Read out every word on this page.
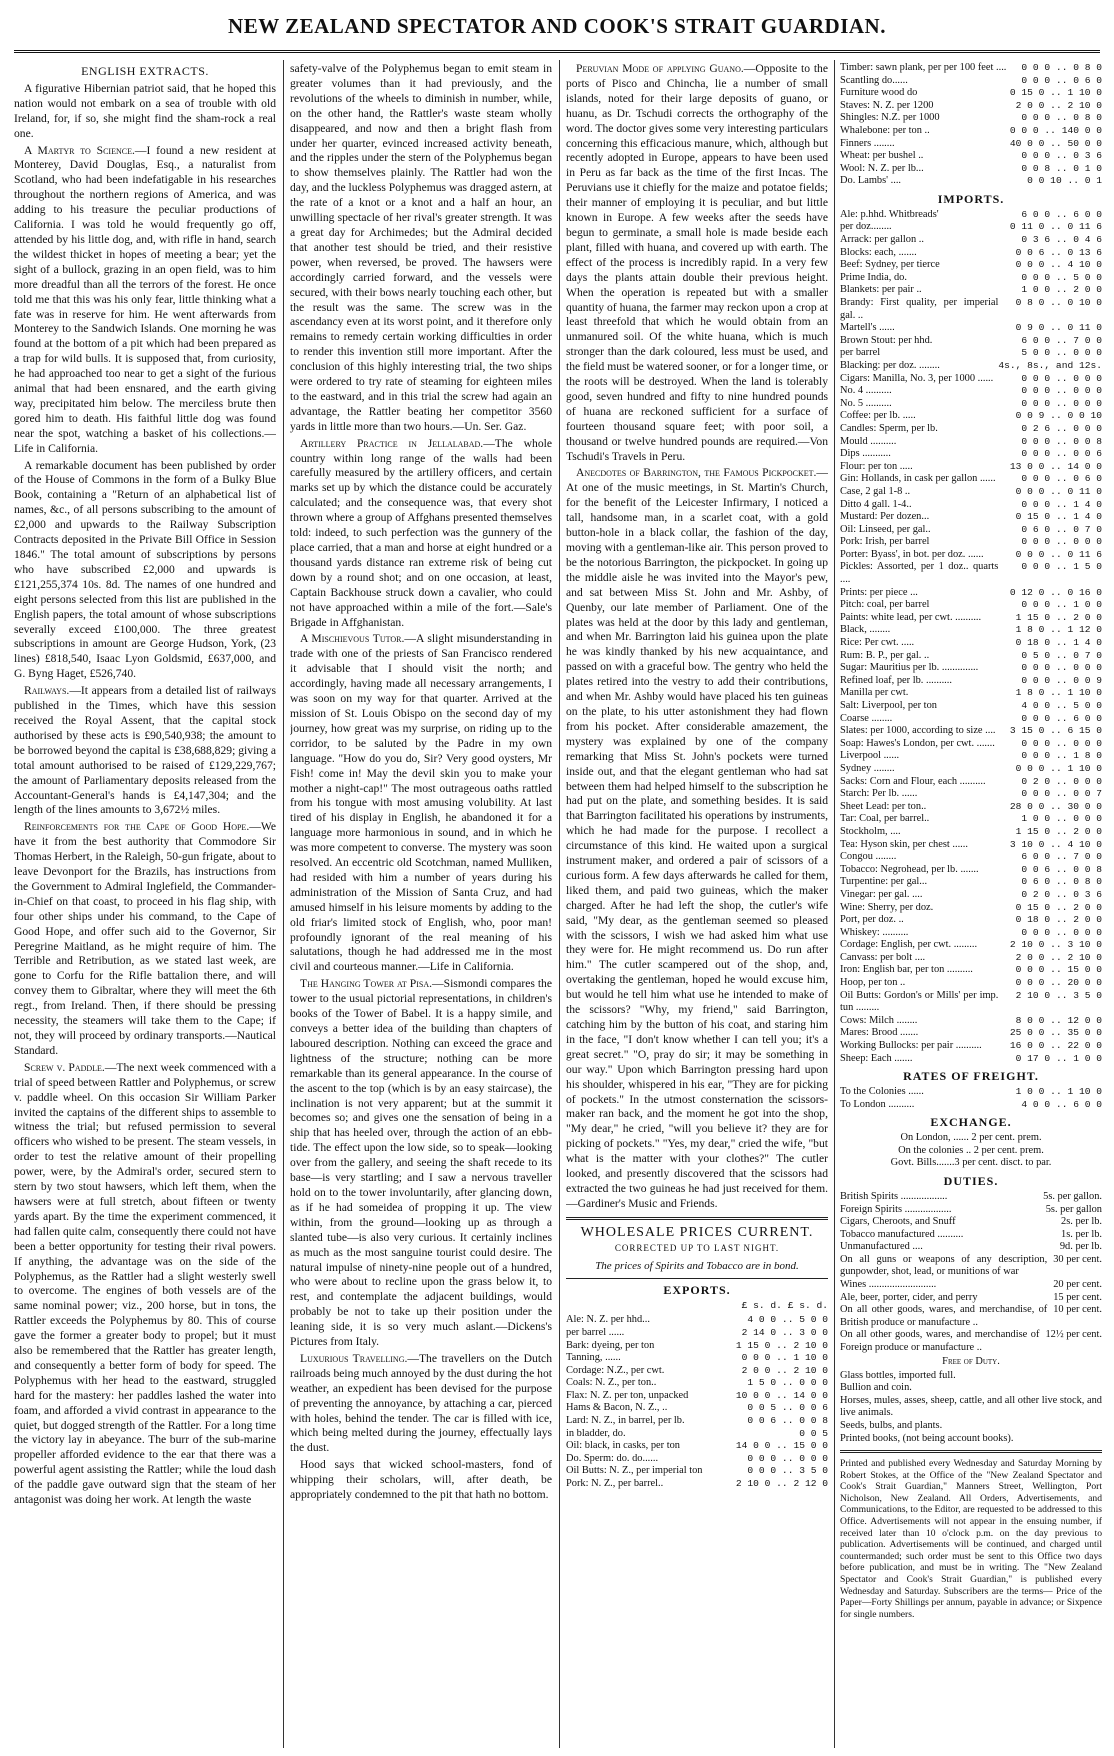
NEW ZEALAND SPECTATOR AND COOK'S STRAIT GUARDIAN.
ENGLISH EXTRACTS.

A figurative Hibernian patriot said, that he hoped this nation would not embark on a sea of trouble with old Ireland, for, if so, she might find the sham-rock a real one.

A Martyr to Science.—I found a new resident at Monterey, David Douglas, Esq., a naturalist from Scotland, who had been indefatigable in his researches throughout the northern regions of America, and was adding to his treasure the peculiar productions of California. I was told he would frequently go off, attended by his little dog, and, with rifle in hand, search the wildest thicket in hopes of meeting a bear; yet the sight of a bullock, grazing in an open field, was to him more dreadful than all the terrors of the forest. He once told me that this was his only fear, little thinking what a fate was in reserve for him. He went afterwards from Monterey to the Sandwich Islands. One morning he was found at the bottom of a pit which had been prepared as a trap for wild bulls. It is supposed that, from curiosity, he had approached too near to get a sight of the furious animal that had been ensnared, and the earth giving way, precipitated him below. The merciless brute then gored him to death. His faithful little dog was found near the spot, watching a basket of his collections.—Life in California.

A remarkable document has been published by order of the House of Commons in the form of a Bulky Blue Book, containing a "Return of an alphabetical list of names, &c., of all persons subscribing to the amount of £2,000 and upwards to the Railway Subscription Contracts deposited in the Private Bill Office in Session 1846." The total amount of subscriptions by persons who have subscribed £2,000 and upwards is £121,255,374 10s. 8d. The names of one hundred and eight persons selected from this list are published in the English papers, the total amount of whose subscriptions severally exceed £100,000. The three greatest subscriptions in amount are George Hudson, York, (23 lines) £818,540, Isaac Lyon Goldsmid, £637,000, and G. Byng Haget, £526,740.

Railways.—It appears from a detailed list of railways published in the Times, which have this session received the Royal Assent, that the capital stock authorised by these acts is £90,540,938; the amount to be borrowed beyond the capital is £38,688,829; giving a total amount authorised to be raised of £129,229,767; the amount of Parliamentary deposits released from the Accountant-General's hands is £4,147,304; and the length of the lines amounts to 3,672½ miles.

Reinforcements for the Cape of Good Hope.—We have it from the best authority that Commodore Sir Thomas Herbert, in the Raleigh, 50-gun frigate, about to leave Devonport for the Brazils, has instructions from the Government to Admiral Inglefield, the Commander-in-Chief on that coast, to proceed in his flag ship, with four other ships under his command, to the Cape of Good Hope, and offer such aid to the Governor, Sir Peregrine Maitland, as he might require of him. The Terrible and Retribution, as we stated last week, are gone to Corfu for the Rifle battalion there, and will convey them to Gibraltar, where they will meet the 6th regt., from Ireland. Then, if there should be pressing necessity, the steamers will take them to the Cape; if not, they will proceed by ordinary transports.—Nautical Standard.

Screw v. Paddle.—The next week commenced with a trial of speed between Rattler and Polyphemus, or screw v. paddle wheel. On this occasion Sir William Parker invited the captains of the different ships to assemble to witness the trial; but refused permission to several officers who wished to be present. The steam vessels, in order to test the relative amount of their propelling power, were, by the Admiral's order, secured stern to stern by two stout hawsers, which left them, when the hawsers were at full stretch, about fifteen or twenty yards apart. By the time the experiment commenced, it had fallen quite calm, consequently there could not have been a better opportunity for testing their rival powers. If anything, the advantage was on the side of the Polyphemus, as the Rattler had a slight westerly swell to overcome. The engines of both vessels are of the same nominal power; viz., 200 horse, but in tons, the Rattler exceeds the Polyphemus by 80. This of course gave the former a greater body to propel; but it must also be remembered that the Rattler has greater length, and consequently a better form of body for speed. The Polyphemus with her head to the eastward, struggled hard for the mastery: her paddles lashed the water into foam, and afforded a vivid contrast in appearance to the quiet, but dogged strength of the Rattler. For a long time the victory lay in abeyance. The burr of the sub-marine propeller afforded evidence to the ear that there was a powerful agent assisting the Rattler; while the loud dash of the paddle gave outward sign that the steam of her antagonist was doing her work. At length the waste

safety-valve of the Polyphemus began to emit steam in greater volumes than it had previously, and the revolutions of the wheels to diminish in number, while, on the other hand, the Rattler's waste steam wholly disappeared, and now and then a bright flash from under her quarter, evinced increased activity beneath, and the ripples under the stern of the Polyphemus began to show themselves plainly. The Rattler had won the day, and the luckless Polyphemus was dragged astern, at the rate of a knot or a knot and a half an hour, an unwilling spectacle of her rival's greater strength. It was a great day for Archimedes; but the Admiral decided that another test should be tried, and their resistive power, when reversed, be proved. The hawsers were accordingly carried forward, and the vessels were secured, with their bows nearly touching each other, but the result was the same. The screw was in the ascendancy even at its worst point, and it therefore only remains to remedy certain working difficulties in order to render this invention still more important. After the conclusion of this highly interesting trial, the two ships were ordered to try rate of steaming for eighteen miles to the eastward, and in this trial the screw had again an advantage, the Rattler beating her competitor 3560 yards in little more than two hours.—Un. Ser. Gaz.

Artillery Practice in Jellalabad.—The whole country within long range of the walls had been carefully measured by the artillery officers, and certain marks set up by which the distance could be accurately calculated; and the consequence was, that every shot thrown where a group of Affghans presented themselves told: indeed, to such perfection was the gunnery of the place carried, that a man and horse at eight hundred or a thousand yards distance ran extreme risk of being cut down by a round shot; and on one occasion, at least, Captain Backhouse struck down a cavalier, who could not have approached within a mile of the fort.—Sale's Brigade in Affghanistan.

A Mischievous Tutor.—A slight misunderstanding in trade with one of the priests of San Francisco rendered it advisable that I should visit the north; and accordingly, having made all necessary arrangements, I was soon on my way for that quarter. Arrived at the mission of St. Louis Obispo on the second day of my journey, how great was my surprise, on riding up to the corridor, to be saluted by the Padre in my own language. "How do you do, Sir? Very good oysters, Mr Fish! come in! May the devil skin you to make your mother a night-cap!" The most outrageous oaths rattled from his tongue with most amusing volubility. At last tired of his display in English, he abandoned it for a language more harmonious in sound, and in which he was more competent to converse. The mystery was soon resolved. An eccentric old Scotchman, named Mulliken, had resided with him a number of years during his administration of the Mission of Santa Cruz, and had amused himself in his leisure moments by adding to the old friar's limited stock of English, who, poor man! profoundly ignorant of the real meaning of his salutations, though he had addressed me in the most civil and courteous manner.—Life in California.

The Hanging Tower at Pisa.—Sismondi compares the tower to the usual pictorial representations, in children's books of the Tower of Babel. It is a happy simile, and conveys a better idea of the building than chapters of laboured description. Nothing can exceed the grace and lightness of the structure; nothing can be more remarkable than its general appearance. In the course of the ascent to the top (which is by an easy staircase), the inclination is not very apparent; but at the summit it becomes so; and gives one the sensation of being in a ship that has heeled over, through the action of an ebb-tide. The effect upon the low side, so to speak—looking over from the gallery, and seeing the shaft recede to its base—is very startling; and I saw a nervous traveller hold on to the tower involuntarily, after glancing down, as if he had someidea of propping it up. The view within, from the ground—looking up as through a slanted tube—is also very curious. It certainly inclines as much as the most sanguine tourist could desire. The natural impulse of ninety-nine people out of a hundred, who were about to recline upon the grass below it, to rest, and contemplate the adjacent buildings, would probably be not to take up their position under the leaning side, it is so very much aslant.—Dickens's Pictures from Italy.

Luxurious Travelling.—The travellers on the Dutch railroads being much annoyed by the dust during the hot weather, an expedient has been devised for the purpose of preventing the annoyance, by attaching a car, pierced with holes, behind the tender. The car is filled with ice, which being melted during the journey, effectually lays the dust.

Hood says that wicked school-masters, fond of whipping their scholars, will, after death, be appropriately condemned to the pit that hath no bottom.

Peruvian Mode of applying Guano.—Opposite to the ports of Pisco and Chincha, lie a number of small islands, noted for their large deposits of guano, or huanu, as Dr. Tschudi corrects the orthography of the word. The doctor gives some very interesting particulars concerning this efficacious manure, which, although but recently adopted in Europe, appears to have been used in Peru as far back as the time of the first Incas. The Peruvians use it chiefly for the maize and potatoe fields; their manner of employing it is peculiar, and but little known in Europe. A few weeks after the seeds have begun to germinate, a small hole is made beside each plant, filled with huana, and covered up with earth. The effect of the process is incredibly rapid. In a very few days the plants attain double their previous height. When the operation is repeated but with a smaller quantity of huana, the farmer may reckon upon a crop at least threefold that which he would obtain from an unmanured soil. Of the white huana, which is much stronger than the dark coloured, less must be used, and the field must be watered sooner, or for a longer time, or the roots will be destroyed. When the land is tolerably good, seven hundred and fifty to nine hundred pounds of huana are reckoned sufficient for a surface of fourteen thousand square feet; with poor soil, a thousand or twelve hundred pounds are required.—Von Tschudi's Travels in Peru.

Anecdotes of Barrington, the Famous Pickpocket.—At one of the music meetings, in St. Martin's Church, for the benefit of the Leicester Infirmary, I noticed a tall, handsome man, in a scarlet coat, with a gold button-hole in a black collar, the fashion of the day, moving with a gentleman-like air. This person proved to be the notorious Barrington, the pickpocket. In going up the middle aisle he was invited into the Mayor's pew, and sat between Miss St. John and Mr. Ashby, of Quenby, our late member of Parliament. One of the plates was held at the door by this lady and gentleman, and when Mr. Barrington laid his guinea upon the plate he was kindly thanked by his new acquaintance, and passed on with a graceful bow. The gentry who held the plates retired into the vestry to add their contributions, and when Mr. Ashby would have placed his ten guineas on the plate, to his utter astonishment they had flown from his pocket. After considerable amazement, the mystery was explained by one of the company remarking that Miss St. John's pockets were turned inside out, and that the elegant gentleman who had sat between them had helped himself to the subscription he had put on the plate, and something besides. It is said that Barrington facilitated his operations by instruments, which he had made for the purpose. I recollect a circumstance of this kind. He waited upon a surgical instrument maker, and ordered a pair of scissors of a curious form. A few days afterwards he called for them, liked them, and paid two guineas, which the maker charged. After he had left the shop, the cutler's wife said, "My dear, as the gentleman seemed so pleased with the scissors, I wish we had asked him what use they were for. He might recommend us. Do run after him." The cutler scampered out of the shop, and, overtaking the gentleman, hoped he would excuse him, but would he tell him what use he intended to make of the scissors? "Why, my friend," said Barrington, catching him by the button of his coat, and staring him in the face, "I don't know whether I can tell you; it's a great secret." "O, pray do sir; it may be something in our way." Upon which Barrington pressing hard upon his shoulder, whispered in his ear, "They are for picking of pockets." In the utmost consternation the scissors-maker ran back, and the moment he got into the shop, "My dear," he cried, "will you believe it? they are for picking of pockets." "Yes, my dear," cried the wife, "but what is the matter with your clothes?" The cutler looked, and presently discovered that the scissors had extracted the two guineas he had just received for them.—Gardiner's Music and Friends.

WHOLESALE PRICES CURRENT.
CORRECTED UP TO LAST NIGHT.
The prices of Spirits and Tobacco are in bond.
EXPORTS.
£ s. d. £ s. d.
Ale: N. Z. per hhd...	4 0 0 .. 5 0 0
per barrel ......	2 14 0 .. 3 0 0
Bark: dyeing, per ton	1 15 0 .. 2 10 0
Tanning, ......	0 0 0 .. 1 10 0
Cordage: N.Z., per cwt.	2 0 0 .. 2 10 0
Coals: N. Z., per ton..	1 5 0 .. 0 0 0
Flax: N. Z. per ton, unpacked	10 0 0 .. 14 0 0
Hams & Bacon, N. Z., ..	0 0 5 .. 0 0 6
Lard: N. Z., in barrel, per lb.	0 0 6 .. 0 0 8
in bladder, do.	0 0 5
Oil: black, in casks, per ton	14 0 0 .. 15 0 0
Do. Sperm: do. do......	0 0 0 .. 0 0 0
Oil Butts: N. Z., per imperial ton	0 0 0 .. 3 5 0
Pork: N. Z., per barrel..	2 10 0 .. 2 12 0
Timber: sawn plank, per per 100 feet ....	0 0 0 .. 0 8 0
Scantling do......	0 0 0 .. 0 6 0
Furniture wood do	0 15 0 .. 1 10 0
Staves: N. Z. per 1200	2 0 0 .. 2 10 0
Shingles: N.Z. per 1000	0 0 0 .. 0 8 0
Whalebone: per ton ..	0 0 0 .. 140 0 0
Finners ........	40 0 0 .. 50 0 0
Wheat: per bushel ..	0 0 0 .. 0 3 6
Wool: N. Z. per lb...	0 0 8 .. 0 1 0
Do. Lambs' ....	0 0 10 .. 0 1
IMPORTS.
Ale: p.hhd. Whitbreads'	6 0 0 .. 6 0 0
per doz........	0 11 0 .. 0 11 6
Arrack: per gallon ..	0 3 6 .. 0 4 6
Blocks: each, .......	0 0 6 .. 0 13 6
Beef: Sydney, per tierce	0 0 0 .. 4 10 0
Prime India, do.	0 0 0 .. 5 0 0
Blankets: per pair ..	1 0 0 .. 2 0 0
Brandy: First quality, per imperial gal. ..	0 8 0 .. 0 10 0
Martell's ......	0 9 0 .. 0 11 0
Brown Stout: per hhd.	6 0 0 .. 7 0 0
per barrel	5 0 0 .. 0 0 0
Blacking: per doz. ........	4s., 8s., and 12s.
Cigars: Manilla, No. 3, per 1000 ......	0 0 0 .. 0 0 0
No. 4 ..........	0 0 0 .. 0 0 0
No. 5 ..........	0 0 0 .. 0 0 0
Coffee: per lb. .....	0 0 9 .. 0 0 10
Candles: Sperm, per lb.	0 2 6 .. 0 0 0
Mould ..........	0 0 0 .. 0 0 8
Dips ...........	0 0 0 .. 0 0 6
Flour: per ton .....	13 0 0 .. 14 0 0
Gin: Hollands, in cask per gallon ......	0 0 0 .. 0 6 0
Case, 2 gal 1-8 ..	0 0 0 .. 0 11 0
Ditto 4 gall. 1-4..	0 0 0 .. 1 4 0
Mustard: Per dozen...	0 15 0 .. 1 4 0
Oil: Linseed, per gal..	0 6 0 .. 0 7 0
Pork: Irish, per barrel	0 0 0 .. 0 0 0
Porter: Byass', in bot. per doz. ......	0 0 0 .. 0 11 6
Pickles: Assorted, per 1 doz.. quarts ....	0 0 0 .. 1 5 0
Prints: per piece ...	0 12 0 .. 0 16 0
Pitch: coal, per barrel	0 0 0 .. 1 0 0
Paints: white lead, per cwt. ..........	1 15 0 .. 2 0 0
Black, ........	1 8 0 .. 1 12 0
Rice: Per cwt. .....	0 18 0 .. 1 4 0
Rum: B. P., per gal. ..	0 5 0 .. 0 7 0
Sugar: Mauritius per lb. ..............	0 0 0 .. 0 0 0
Refined loaf, per lb. ..........	0 0 0 .. 0 0 9
Manilla per cwt.	1 8 0 .. 1 10 0
Salt: Liverpool, per ton	4 0 0 .. 5 0 0
Coarse ........	0 0 0 .. 6 0 0
Slates: per 1000, according to size ....	3 15 0 .. 6 15 0
Soap: Hawes's London, per cwt. .......	0 0 0 .. 0 0 0
Liverpool ......	0 0 0 .. 1 8 0
Sydney ........	0 0 0 .. 1 10 0
Sacks: Corn and Flour, each ..........	0 2 0 .. 0 0 0
Starch: Per lb. ......	0 0 0 .. 0 0 7
Sheet Lead: per ton..	28 0 0 .. 30 0 0
Tar: Coal, per barrel..	1 0 0 .. 0 0 0
Stockholm, ....	1 15 0 .. 2 0 0
Tea: Hyson skin, per chest ......	3 10 0 .. 4 10 0
Congou ........	6 0 0 .. 7 0 0
Tobacco: Negrohead, per lb. .......	0 0 6 .. 0 0 8
Turpentine: per gal...	0 6 0 .. 0 8 0
Vinegar: per gal. ....	0 2 0 .. 0 3 6
Wine: Sherry, per doz.	0 15 0 .. 2 0 0
Port, per doz. ..	0 18 0 .. 2 0 0
Whiskey: ..........	0 0 0 .. 0 0 0
Cordage: English, per cwt. .........	2 10 0 .. 3 10 0
Canvass: per bolt ....	2 0 0 .. 2 10 0
Iron: English bar, per ton ..........	0 0 0 .. 15 0 0
Hoop, per ton ..	0 0 0 .. 20 0 0
Oil Butts: Gordon's or Mills' per imp. tun .........	2 10 0 .. 3 5 0
Cows: Milch ........	8 0 0 .. 12 0 0
Mares: Brood .......	25 0 0 .. 35 0 0
Working Bullocks: per pair ..........	16 0 0 .. 22 0 0
Sheep: Each .......	0 17 0 .. 1 0 0
RATES OF FREIGHT.
To the Colonies ......	1 0 0 .. 1 10 0
To London ..........	4 0 0 .. 6 0 0
EXCHANGE.
On London, ...... 2 per cent. prem.
On the colonies .. 2 per cent. prem.
Govt. Bills.......3 per cent. disct. to par.
DUTIES.
British Spirits ..................	5s. per gallon.
Foreign Spirits ..................	5s. per gallon
Cigars, Cheroots, and Snuff	2s. per lb.
Tobacco manufactured ..........	1s. per lb.
Unmanufactured ....	9d. per lb.
On all guns or weapons of any description, gunpowder, shot, lead, or munitions of war
30 per cent.
Wines ..........................	20 per cent.
Ale, beer, porter, cider, and perry	15 per cent.
On all other goods, wares, and merchandise, of British produce or manufacture ..
10 per cent.
On all other goods, wares, and merchandise of Foreign produce or manufacture ..
12½ per cent.
Free of Duty.
Glass bottles, imported full.
Bullion and coin.
Horses, mules, asses, sheep, cattle, and all other live stock, and live animals.
Seeds, bulbs, and plants.
Printed books, (not being account books).
Printed and published every Wednesday and Saturday Morning by Robert Stokes, at the Office of the "New Zealand Spectator and Cook's Strait Guardian," Manners Street, Wellington, Port Nicholson, New Zealand. All Orders, Advertisements, and Communications, to the Editor, are requested to be addressed to this Office. Advertisements will not appear in the ensuing number, if received later than 10 o'clock p.m. on the day previous to publication. Advertisements will be continued, and charged until countermanded; such order must be sent to this Office two days before publication, and must be in writing. The "New Zealand Spectator and Cook's Strait Guardian," is published every Wednesday and Saturday. Subscribers are the terms— Price of the Paper—Forty Shillings per annum, payable in advance; or Sixpence for single numbers.
